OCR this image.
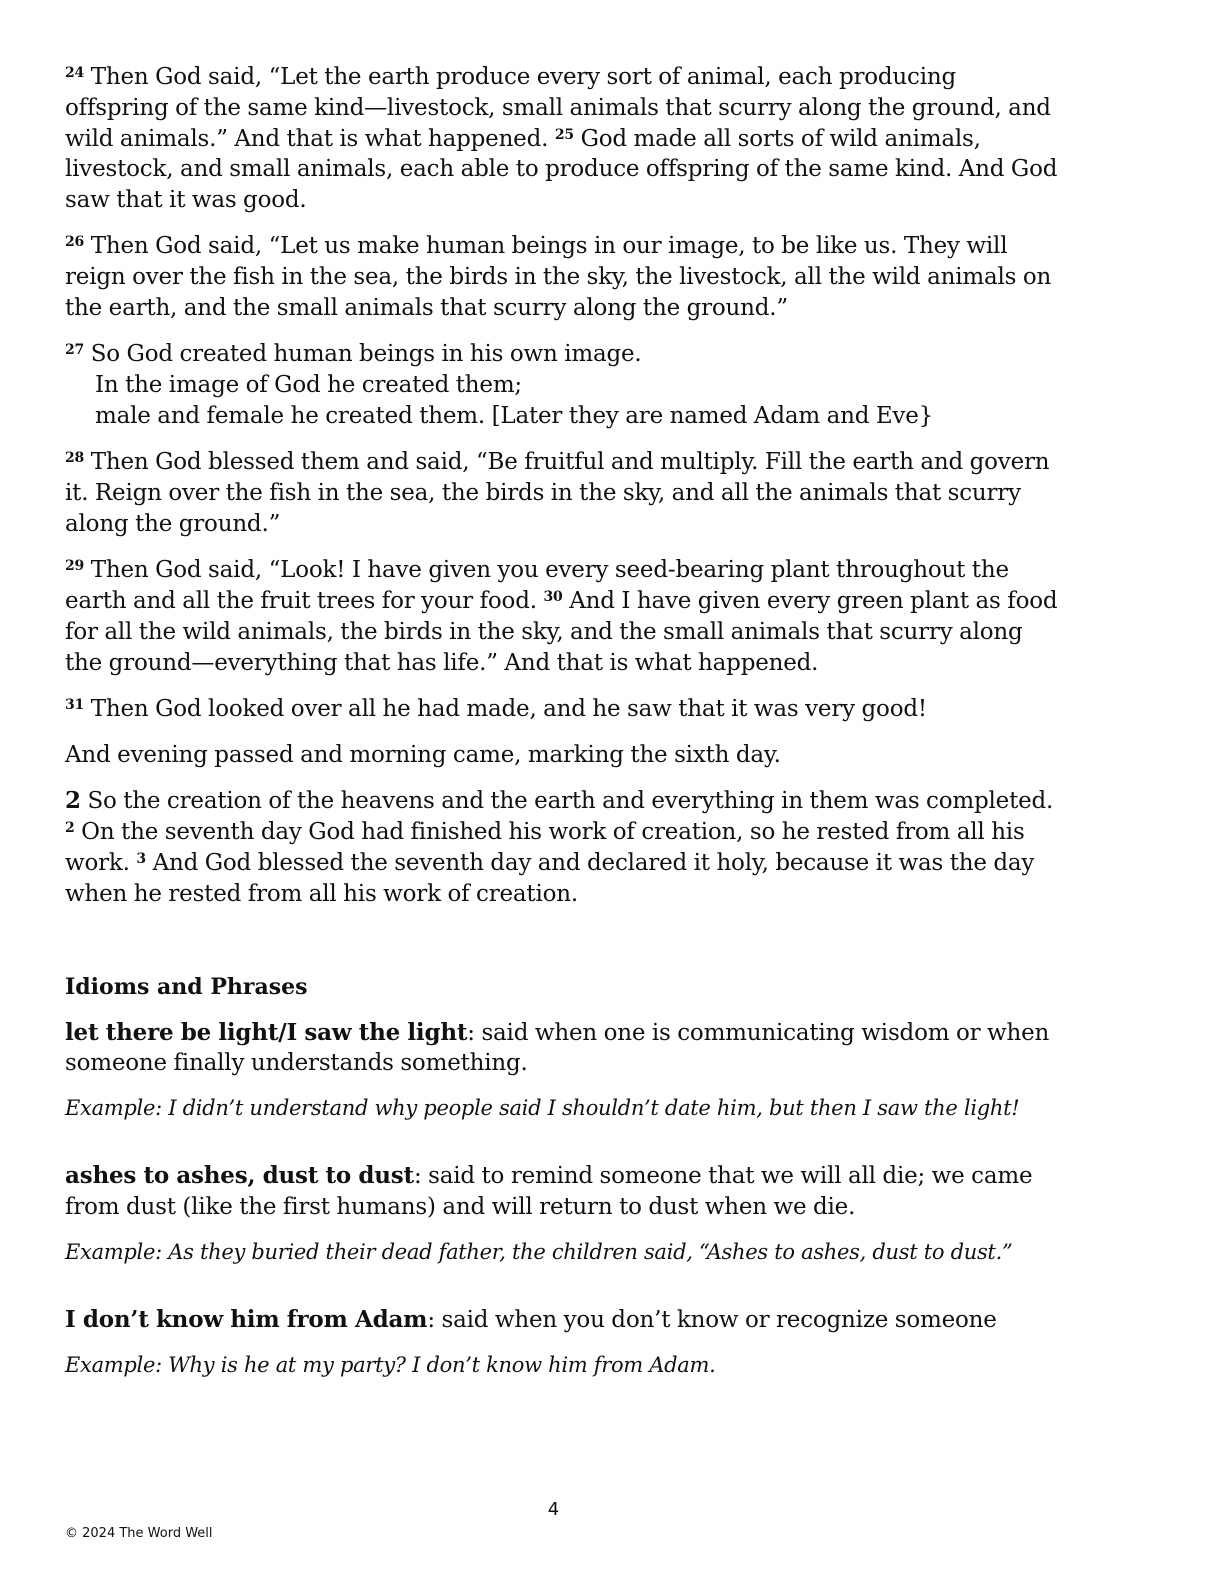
$^{24}$ Then God said, “Let the earth produce every sort of animal, each producing offspring of the same kind—livestock, small animals that scurry along the ground, and wild animals.” And that is what happened. $^{25}$ God made all sorts of wild animals, livestock, and small animals, each able to produce offspring of the same kind. And God saw that it was good.

$^{26}$ Then God said, “Let us make human beings in our image, to be like us. They will reign over the fish in the sea, the birds in the sky, the livestock, all the wild animals on the earth, and the small animals that scurry along the ground.”

$^{27}$ So God created human beings in his own image.
In the image of God he created them;
male and female he created them. [Later they are named Adam and Eve}

$^{28}$ Then God blessed them and said, “Be fruitful and multiply. Fill the earth and govern it. Reign over the fish in the sea, the birds in the sky, and all the animals that scurry along the ground.”

$^{29}$ Then God said, “Look! I have given you every seed-bearing plant throughout the earth and all the fruit trees for your food. $^{30}$ And I have given every green plant as food for all the wild animals, the birds in the sky, and the small animals that scurry along the ground—everything that has life.” And that is what happened.

$^{31}$ Then God looked over all he had made, and he saw that it was very good!

And evening passed and morning came, marking the sixth day.

2 So the creation of the heavens and the earth and everything in them was completed. $^2$ On the seventh day God had finished his work of creation, so he rested from all his work. $^3$ And God blessed the seventh day and declared it holy, because it was the day when he rested from all his work of creation.

Idioms and Phrases

let there be light/I saw the light: said when one is communicating wisdom or when someone finally understands something.

Example: I didn’t understand why people said I shouldn’t date him, but then I saw the light!

ashes to ashes, dust to dust: said to remind someone that we will all die; we came from dust (like the first humans) and will return to dust when we die.

Example: As they buried their dead father, the children said, “Ashes to ashes, dust to dust.”

I don’t know him from Adam: said when you don’t know or recognize someone

Example: Why is he at my party? I don’t know him from Adam.

4
© 2024 The Word Well
